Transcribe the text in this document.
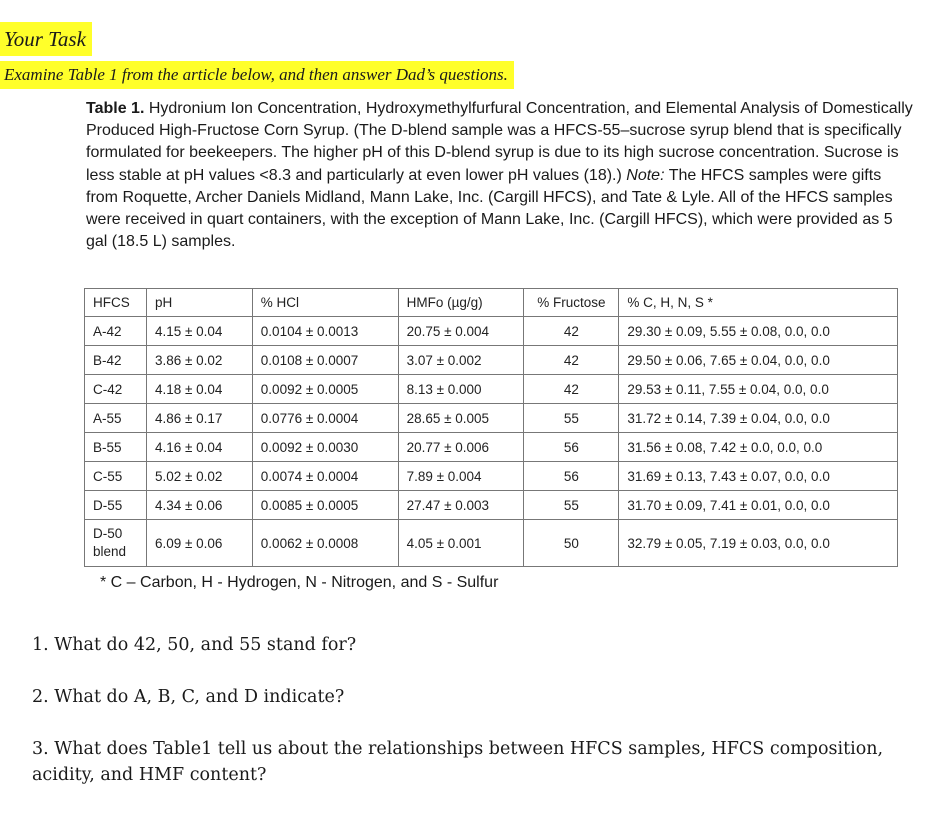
Your Task
Examine Table 1 from the article below, and then answer Dad’s questions.

Table 1. Hydronium Ion Concentration, Hydroxymethylfurfural Concentration, and Elemental Analysis of Domestically Produced High-Fructose Corn Syrup. (The D-blend sample was a HFCS-55–sucrose syrup blend that is specifically formulated for beekeepers. The higher pH of this D-blend syrup is due to its high sucrose concentration. Sucrose is less stable at pH values <8.3 and particularly at even lower pH values (18).) Note: The HFCS samples were gifts from Roquette, Archer Daniels Midland, Mann Lake, Inc. (Cargill HFCS), and Tate & Lyle. All of the HFCS samples were received in quart containers, with the exception of Mann Lake, Inc. (Cargill HFCS), which were provided as 5 gal (18.5 L) samples.

HFCS	pH	% HCl	HMFo (µg/g)	% Fructose	% C, H, N, S *
A-42	4.15 ± 0.04	0.0104 ± 0.0013	20.75 ± 0.004	42	29.30 ± 0.09, 5.55 ± 0.08, 0.0, 0.0
B-42	3.86 ± 0.02	0.0108 ± 0.0007	3.07 ± 0.002	42	29.50 ± 0.06, 7.65 ± 0.04, 0.0, 0.0
C-42	4.18 ± 0.04	0.0092 ± 0.0005	8.13 ± 0.000	42	29.53 ± 0.11, 7.55 ± 0.04, 0.0, 0.0
A-55	4.86 ± 0.17	0.0776 ± 0.0004	28.65 ± 0.005	55	31.72 ± 0.14, 7.39 ± 0.04, 0.0, 0.0
B-55	4.16 ± 0.04	0.0092 ± 0.0030	20.77 ± 0.006	56	31.56 ± 0.08, 7.42 ± 0.0, 0.0, 0.0
C-55	5.02 ± 0.02	0.0074 ± 0.0004	7.89 ± 0.004	56	31.69 ± 0.13, 7.43 ± 0.07, 0.0, 0.0
D-55	4.34 ± 0.06	0.0085 ± 0.0005	27.47 ± 0.003	55	31.70 ± 0.09, 7.41 ± 0.01, 0.0, 0.0
D-50 blend	6.09 ± 0.06	0.0062 ± 0.0008	4.05 ± 0.001	50	32.79 ± 0.05, 7.19 ± 0.03, 0.0, 0.0
* C – Carbon, H - Hydrogen, N - Nitrogen, and S - Sulfur
1. What do 42, 50, and 55 stand for?
2. What do A, B, C, and D indicate?
3. What does Table1 tell us about the relationships between HFCS samples, HFCS composition, acidity, and HMF content?
